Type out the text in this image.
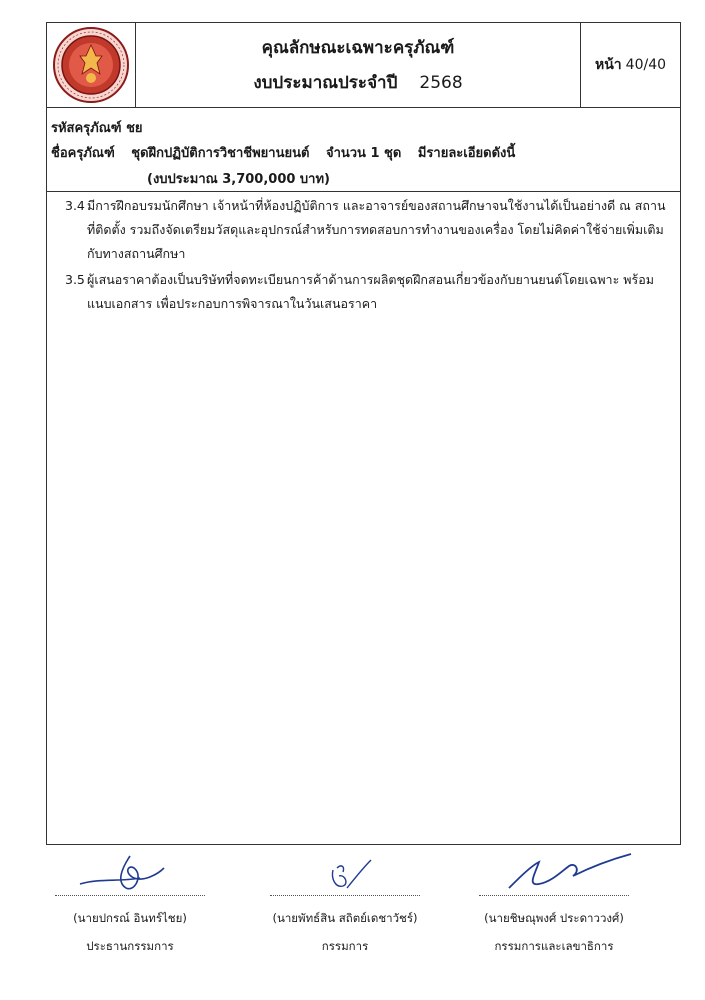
คุณลักษณะเฉพาะครุภัณฑ์
งบประมาณประจำปี 2568
หน้า 40/40
รหัสครุภัณฑ์ ชย
ชื่อครุภัณฑ์ ชุดฝึกปฏิบัติการวิชาชีพยานยนต์ จำนวน 1 ชุด มีรายละเอียดดังนี้
(งบประมาณ 3,700,000 บาท)
3.4 มีการฝึกอบรมนักศึกษา เจ้าหน้าที่ห้องปฏิบัติการ และอาจารย์ของสถานศึกษาจนใช้งานได้เป็นอย่างดี ณ สถานที่ติดตั้ง รวมถึงจัดเตรียมวัสดุและอุปกรณ์สำหรับการทดสอบการทำงานของเครื่อง โดยไม่คิดค่าใช้จ่ายเพิ่มเติมกับทางสถานศึกษา
3.5 ผู้เสนอราคาต้องเป็นบริษัทที่จดทะเบียนการค้าด้านการผลิตชุดฝึกสอนเกี่ยวข้องกับยานยนต์โดยเฉพาะ พร้อมแนบเอกสาร เพื่อประกอบการพิจารณาในวันเสนอราคา
(นายปกรณ์ อินทร์ไชย)
ประธานกรรมการ
(นายพัทธ์สิน สถิตย์เดชาวัชร์)
กรรมการ
(นายชิษณุพงศ์ ประดาววงศ์)
กรรมการและเลขาธิการ
